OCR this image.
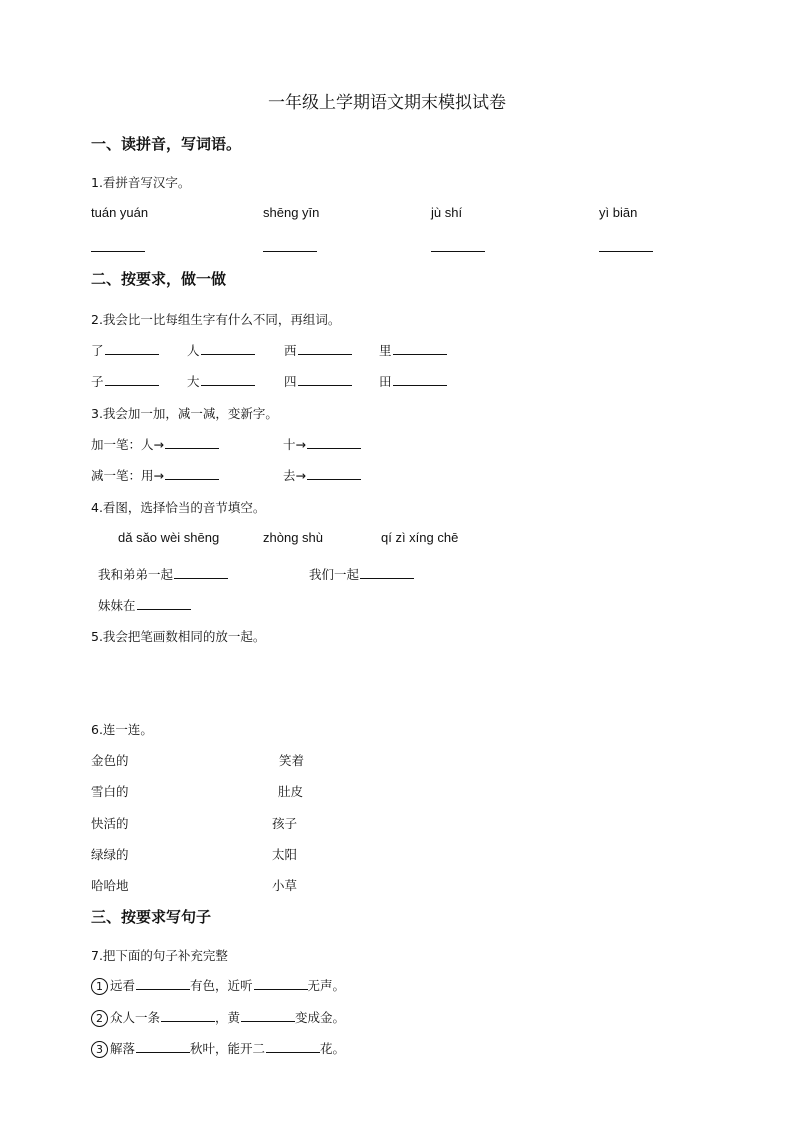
一年级上学期语文期末模拟试卷
一、读拼音，写词语。
1.看拼音写汉字。
tuán yuán	shēng yīn	jù shí	yì biān
二、按要求，做一做
2.我会比一比每组生字有什么不同，再组词。
了	人	西	里
子	大	四	田
3.我会加一加，减一减，变新字。
加一笔：人→	十→
减一笔：用→	去→
4.看图，选择恰当的音节填空。
dǎ sǎo wèi shēng	zhòng shù	qí zì xíng chē
我和弟弟一起	我们一起
妹妹在
5.我会把笔画数相同的放一起。
6.连一连。
金色的
雪白的
快活的
绿绿的
哈哈地
笑着
肚皮
孩子
太阳
小草
三、按要求写句子
7.把下面的句子补充完整
1 远看	有色，近听	无声。
2 众人一条	，黄	变成金。
3 解落	秋叶，能开二	花。
